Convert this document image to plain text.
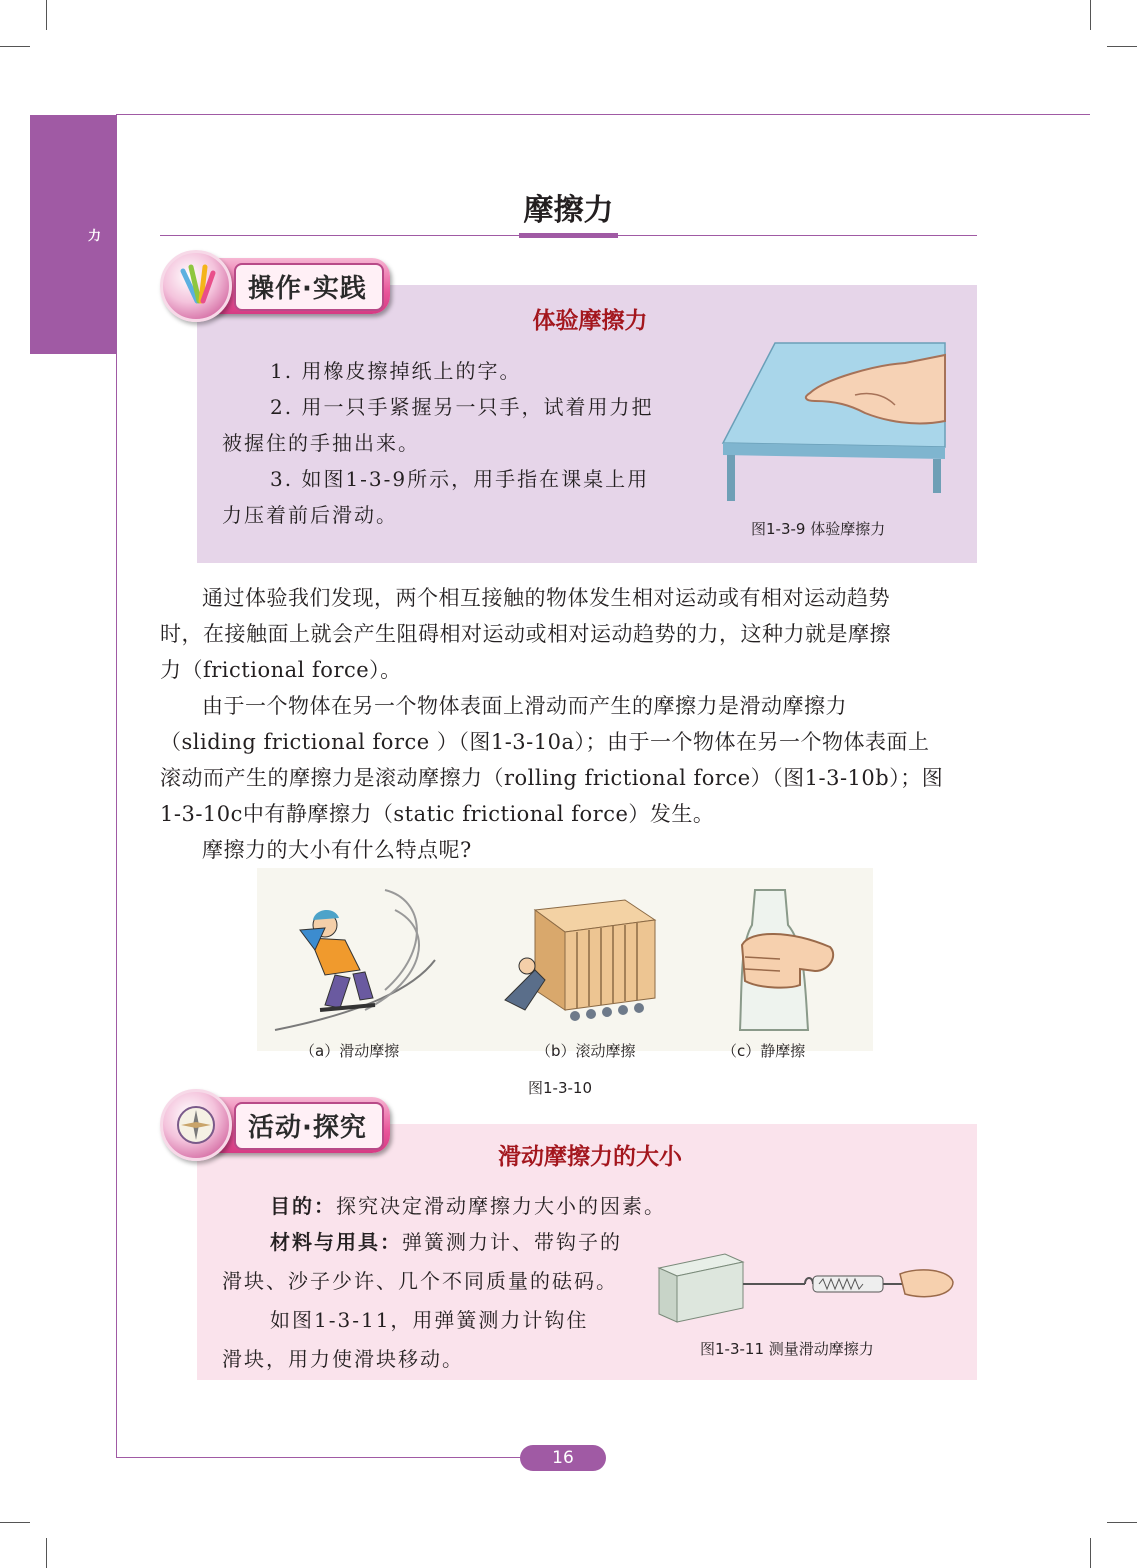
力
摩擦力
操作·实践
体验摩擦力
1. 用橡皮擦掉纸上的字。
2. 用一只手紧握另一只手，试着用力把
被握住的手抽出来。
3. 如图1-3-9所示，用手指在课桌上用
力压着前后滑动。
图1-3-9 体验摩擦力
通过体验我们发现，两个相互接触的物体发生相对运动或有相对运动趋势
时，在接触面上就会产生阻碍相对运动或相对运动趋势的力，这种力就是摩擦
力（frictional force）。
由于一个物体在另一个物体表面上滑动而产生的摩擦力是滑动摩擦力
（sliding frictional force ）（图1-3-10a）；由于一个物体在另一个物体表面上
滚动而产生的摩擦力是滚动摩擦力（rolling frictional force）（图1-3-10b）；图
1-3-10c中有静摩擦力（static frictional force）发生。
摩擦力的大小有什么特点呢?
（a）滑动摩擦	（b）滚动摩擦	（c）静摩擦
图1-3-10
活动·探究
滑动摩擦力的大小
目的：探究决定滑动摩擦力大小的因素。
材料与用具：弹簧测力计、带钩子的
滑块、沙子少许、几个不同质量的砝码。
如图1-3-11，用弹簧测力计钩住
滑块，用力使滑块移动。	图1-3-11 测量滑动摩擦力
16
